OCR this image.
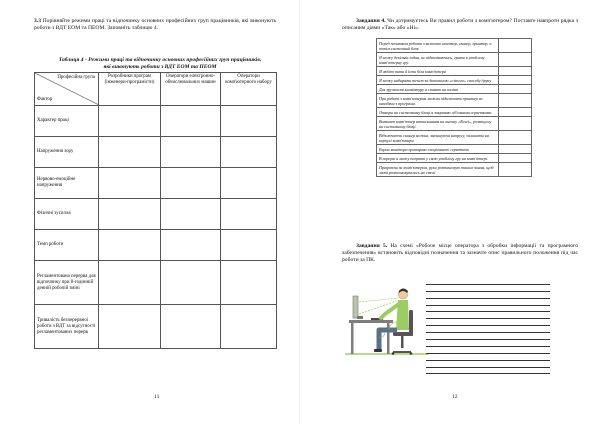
3.3 Порівняйте режими праці та відпочинку основних професійних груп працівників, які виконують роботи з ВДТ ЕОМ та ПЕОМ. Заповніть таблицю 4.
Таблиця 4 - Режими праці та відпочинку основних професійних груп працівників, які виконують роботи з ВДТ ЕОМ та ПЕОМ
Професійна група
Фактор	Розробники програм (інженери-програмісти)	Оператори електронно-обчислювальних машин	Оператори комп'ютерного набору
Характер праці			
Напруження зору			
Нервово-емоційне напруження			
Фізичні зусилля			
Темп роботи			
Регламентована перерва для відпочинку при 8-годинній денній робочій зміні			
Тривалість безперервної роботи з ВДТ за відсутності регламентованих перерв			
11	12
Завдання 4. Чи дотримуєтесь Ви правил роботи з комп'ютером? Поставте навпроти рядка з описаним діями «Так» або «Ні».
Перед початком роботи з включаю монітор, сканер, принтер, а потім системний блок	
Я можу декілька годин, не відволікаючись, грати в улюблену комп'ютерну гру.	
Я люблю пити й їсти біля комп'ютера	
Я можу набирати текст за допомогою «сліпого» способу друку	
Для зручності клавіатуру я ставлю на коліна	
При роботі з комп'ютером можна підключати принтер не виходячи з програми.	
Отвори на системному блоці я закриваю об'ємними серветками.	
Вимикаю комп'ютер натисканням на кнопку «Reset», розміщену на системному блоці.	
Відключаючи сканер можна, зменшуючи напругу, залишати на корпусі комп'ютера	
Екран монітора протираю спеціальною серветкою	
В перерві я можу пограти у свою улюблену гру на комп'ютері.	
Працюючи за комп'ютером, руки розташовую таким чином, щоб лікті розташовувались на столі	
Завдання 5. На схемі «Робоче місце оператора з обробки інформації та програмного забезпечення» встановіть відповідні позначення та зазначте опис правильного положення під час роботи за ПК.
